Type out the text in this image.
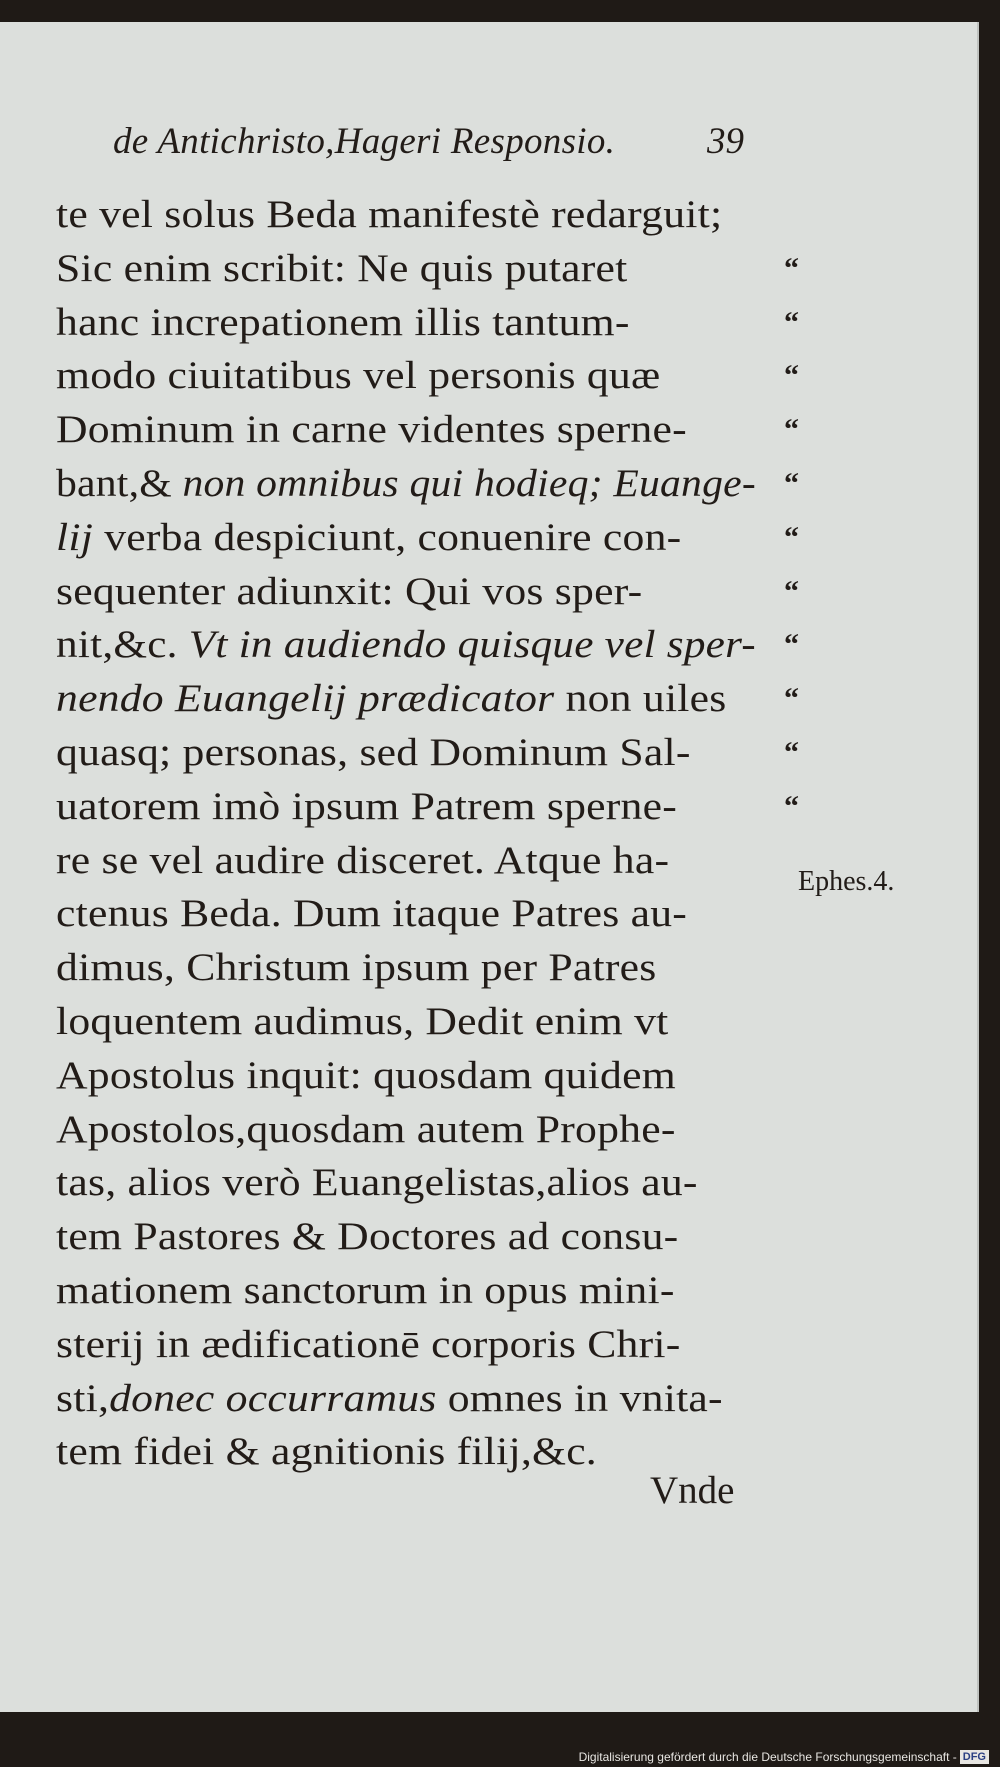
de Antichristo,Hageri Responsio. 39
te vel solus Beda manifestè redarguit;
Sic enim scribit: Ne quis putaret	“
hanc increpationem illis tantum-	“
modo ciuitatibus vel personis quæ	“
Dominum in carne videntes sperne-	“
bant,& non omnibus qui hodieq; Euange- “
lij verba despiciunt, conuenire con-	“
sequenter adiunxit: Qui vos sper-	“
nit,&c. Vt in audiendo quisque vel sper- “
nendo Euangelij prædicator non uiles “
quasq; personas, sed Dominum Sal-	“
uatorem imò ipsum Patrem sperne-	“
re se vel audire disceret. Atque ha-
ctenus Beda. Dum itaque Patres au-
dimus, Christum ipsum per Patres
loquentem audimus, Dedit enim vt
Apostolus inquit: quosdam quidem
Apostolos,quosdam autem Prophe-
tas, alios verò Euangelistas,alios au-
tem Pastores & Doctores ad consu-
mationem sanctorum in opus mini-
sterij in ædificationē corporis Chri-
sti,donec occurramus omnes in vnita-
tem fidei & agnitionis filij,&c.
Ephes.4.
Vnde
Digitalisierung gefördert durch die Deutsche Forschungsgemeinschaft - DFG
